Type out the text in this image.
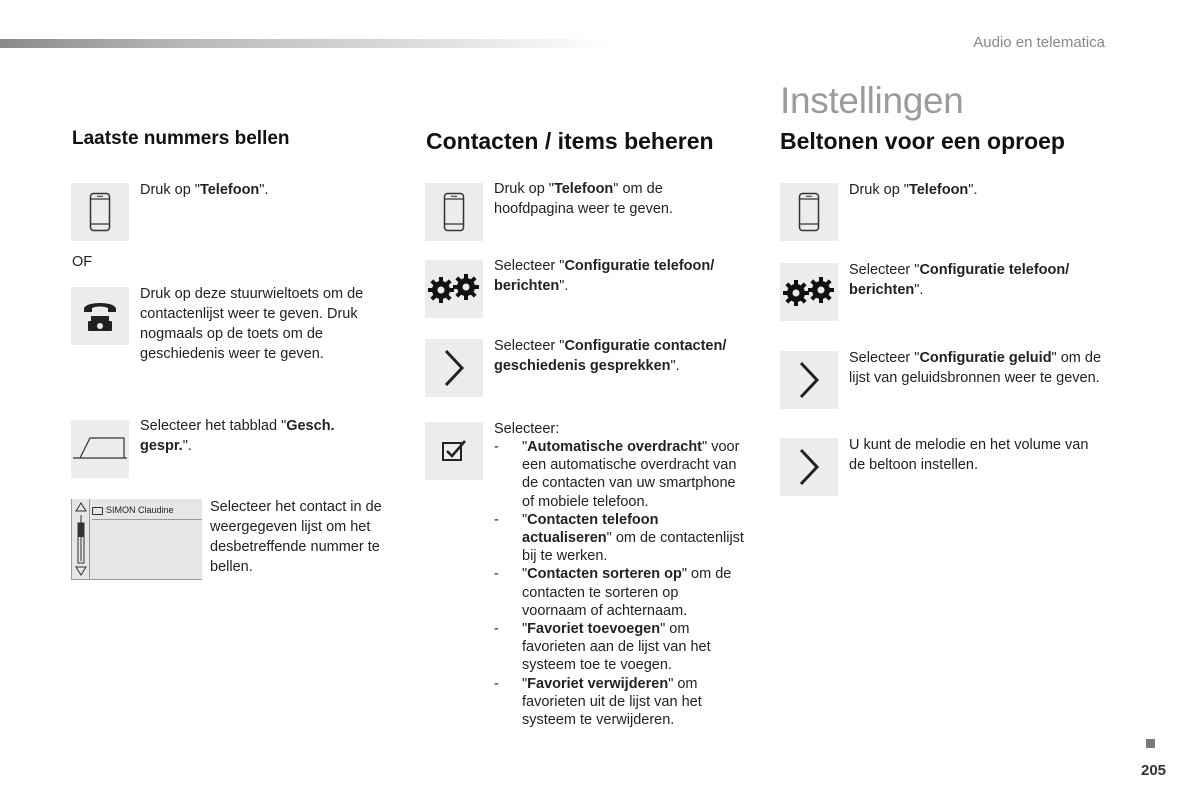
Audio en telematica
Instellingen
Laatste nummers bellen
Druk op "Telefoon".
OF
Druk op deze stuurwieltoets om de contactenlijst weer te geven. Druk nogmaals op de toets om de geschiedenis weer te geven.
Selecteer het tabblad "Gesch. gespr.".
SIMON Claudine	Selecteer het contact in de weergegeven lijst om het desbetreffende nummer te bellen.
Contacten / items beheren
Druk op "Telefoon" om de hoofdpagina weer te geven.
Selecteer "Configuratie telefoon/ berichten".
Selecteer "Configuratie contacten/ geschiedenis gesprekken".
Selecteer:
- "Automatische overdracht" voor een automatische overdracht van de contacten van uw smartphone of mobiele telefoon.
- "Contacten telefoon actualiseren" om de contactenlijst bij te werken.
- "Contacten sorteren op" om de contacten te sorteren op voornaam of achternaam.
- "Favoriet toevoegen" om favorieten aan de lijst van het systeem toe te voegen.
- "Favoriet verwijderen" om favorieten uit de lijst van het systeem te verwijderen.
Beltonen voor een oproep
Druk op "Telefoon".
Selecteer "Configuratie telefoon/ berichten".
Selecteer "Configuratie geluid" om de lijst van geluidsbronnen weer te geven.
U kunt de melodie en het volume van de beltoon instellen.
205
